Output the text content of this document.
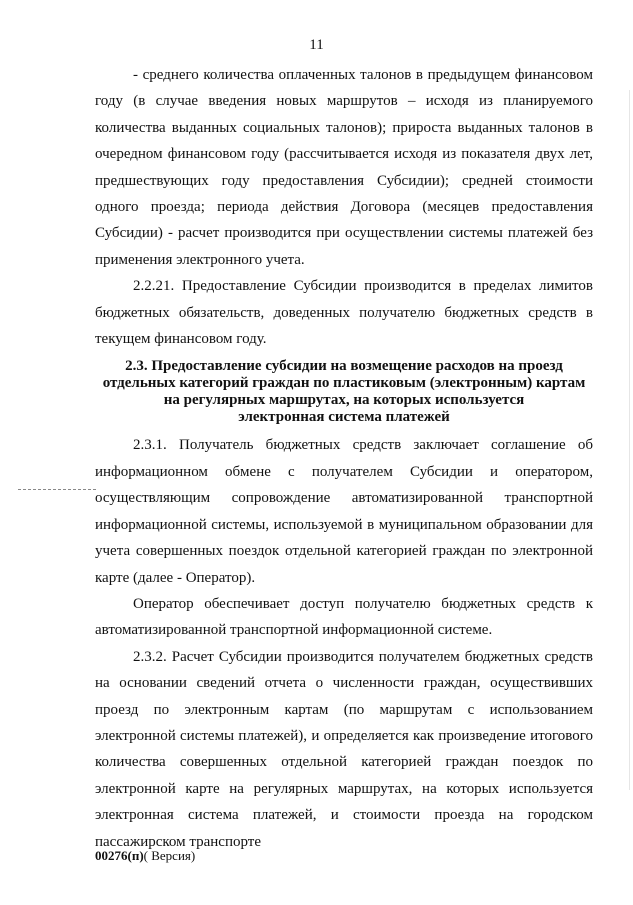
11

- среднего количества оплаченных талонов в предыдущем финансовом году (в случае введения новых маршрутов – исходя из планируемого количества выданных социальных талонов); прироста выданных талонов в очередном финансовом году (рассчитывается исходя из показателя двух лет, предшествующих году предоставления Субсидии); средней стоимости одного проезда; периода действия Договора (месяцев предоставления Субсидии) - расчет производится при осуществлении системы платежей без применения электронного учета.

2.2.21. Предоставление Субсидии производится в пределах лимитов бюджетных обязательств, доведенных получателю бюджетных средств в текущем финансовом году.

2.3. Предоставление субсидии на возмещение расходов на проезд
отдельных категорий граждан по пластиковым (электронным) картам
на регулярных маршрутах, на которых используется
электронная система платежей

2.3.1. Получатель бюджетных средств заключает соглашение об информационном обмене с получателем Субсидии и оператором, осуществляющим сопровождение автоматизированной транспортной информационной системы, используемой в муниципальном образовании для учета совершенных поездок отдельной категорией граждан по электронной карте (далее - Оператор).

Оператор обеспечивает доступ получателю бюджетных средств к автоматизированной транспортной информационной системе.

2.3.2. Расчет Субсидии производится получателем бюджетных средств на основании сведений отчета о численности граждан, осуществивших проезд по электронным картам (по маршрутам с использованием электронной системы платежей), и определяется как произведение итогового количества совершенных отдельной категорией граждан поездок по электронной карте на регулярных маршрутах, на которых используется электронная система платежей, и стоимости проезда на городском пассажирском транспорте

00276(п)( Версия)
